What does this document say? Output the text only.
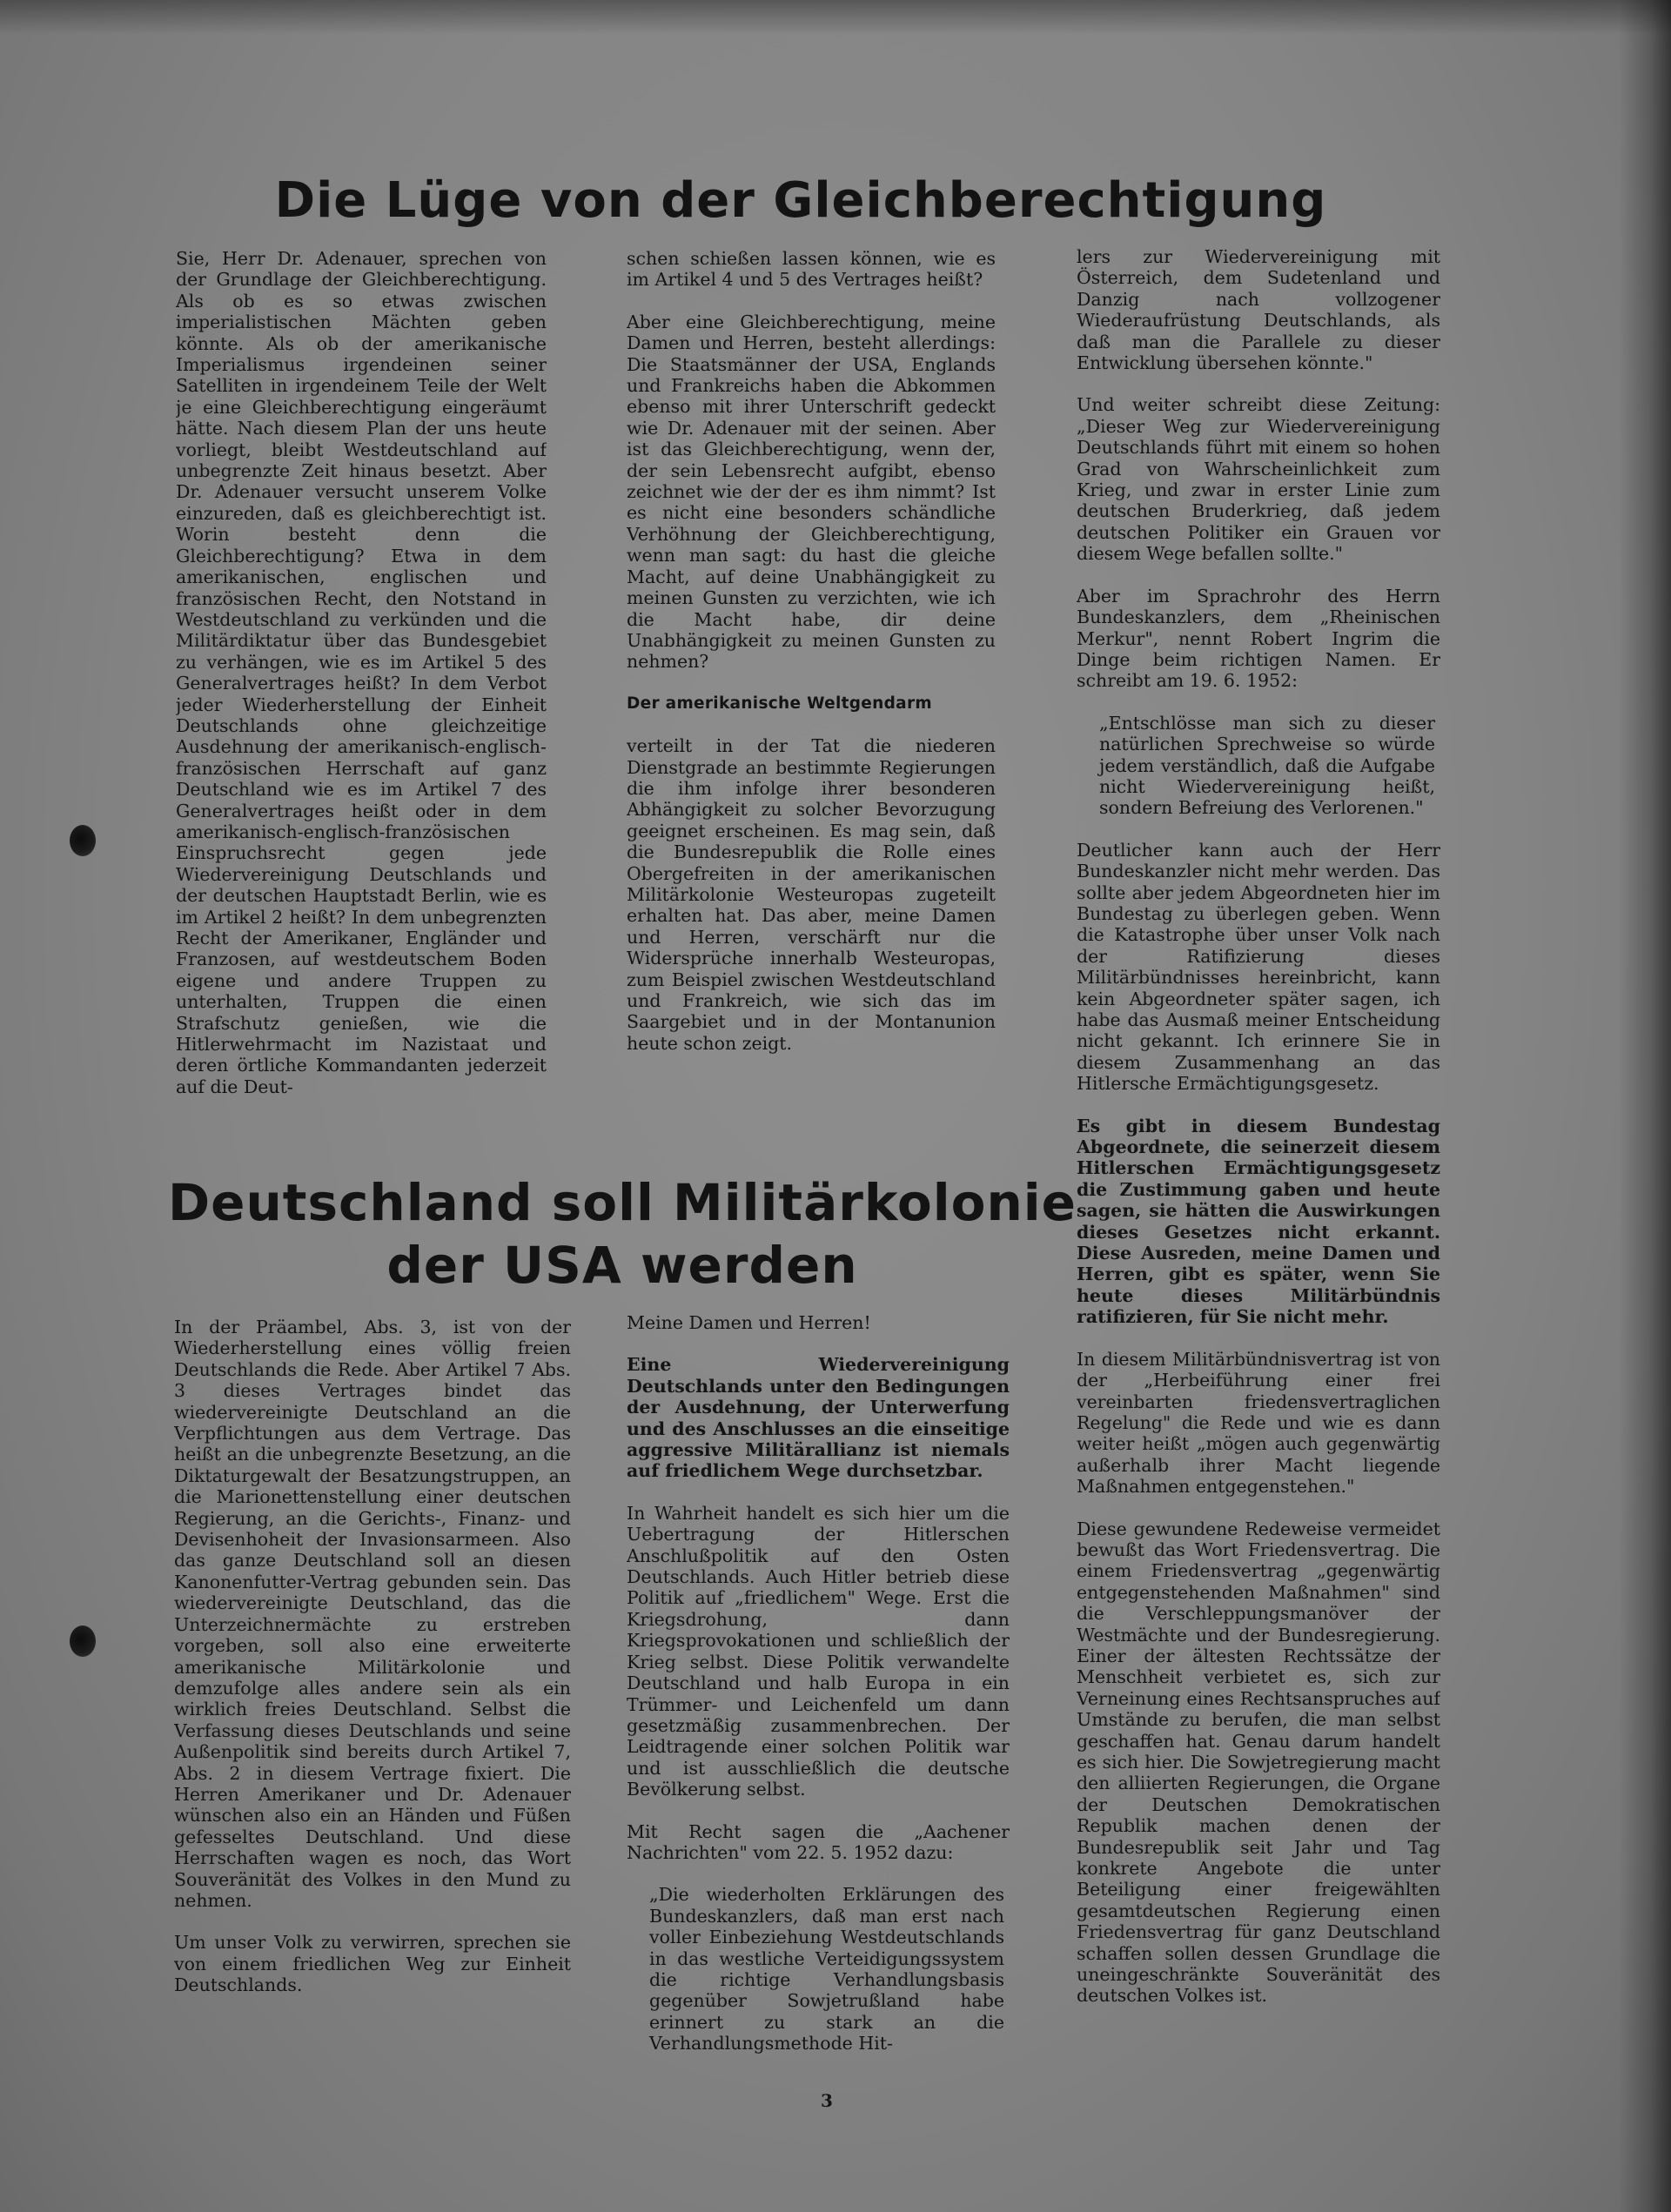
Die Lüge von der Gleichberechtigung

Sie, Herr Dr. Adenauer, sprechen von der Grundlage der Gleichberechtigung. Als ob es so etwas zwischen imperialistischen Mächten geben könnte. Als ob der amerikanische Imperialismus irgendeinen seiner Satelliten in irgendeinem Teile der Welt je eine Gleichberechtigung eingeräumt hätte. Nach diesem Plan der uns heute vorliegt, bleibt Westdeutschland auf unbegrenzte Zeit hinaus besetzt. Aber Dr. Adenauer versucht unserem Volke einzureden, daß es gleichberechtigt ist. Worin besteht denn die Gleichberechtigung? Etwa in dem amerikanischen, englischen und französischen Recht, den Notstand in Westdeutschland zu verkünden und die Militärdiktatur über das Bundesgebiet zu verhängen, wie es im Artikel 5 des Generalvertrages heißt? In dem Verbot jeder Wiederherstellung der Einheit Deutschlands ohne gleichzeitige Ausdehnung der amerikanisch-englisch-französischen Herrschaft auf ganz Deutschland wie es im Artikel 7 des Generalvertrages heißt oder in dem amerikanisch-englisch-französischen Einspruchsrecht gegen jede Wiedervereinigung Deutschlands und der deutschen Hauptstadt Berlin, wie es im Artikel 2 heißt? In dem unbegrenzten Recht der Amerikaner, Engländer und Franzosen, auf westdeutschem Boden eigene und andere Truppen zu unterhalten, Truppen die einen Strafschutz genießen, wie die Hitlerwehrmacht im Nazistaat und deren örtliche Kommandanten jederzeit auf die Deut-

schen schießen lassen können, wie es im Artikel 4 und 5 des Vertrages heißt?

Aber eine Gleichberechtigung, meine Damen und Herren, besteht allerdings: Die Staatsmänner der USA, Englands und Frankreichs haben die Abkommen ebenso mit ihrer Unterschrift gedeckt wie Dr. Adenauer mit der seinen. Aber ist das Gleichberechtigung, wenn der, der sein Lebensrecht aufgibt, ebenso zeichnet wie der der es ihm nimmt? Ist es nicht eine besonders schändliche Verhöhnung der Gleichberechtigung, wenn man sagt: du hast die gleiche Macht, auf deine Unabhängigkeit zu meinen Gunsten zu verzichten, wie ich die Macht habe, dir deine Unabhängigkeit zu meinen Gunsten zu nehmen?

Der amerikanische Weltgendarm

verteilt in der Tat die niederen Dienstgrade an bestimmte Regierungen die ihm infolge ihrer besonderen Abhängigkeit zu solcher Bevorzugung geeignet erscheinen. Es mag sein, daß die Bundesrepublik die Rolle eines Obergefreiten in der amerikanischen Militärkolonie Westeuropas zugeteilt erhalten hat. Das aber, meine Damen und Herren, verschärft nur die Widersprüche innerhalb Westeuropas, zum Beispiel zwischen Westdeutschland und Frankreich, wie sich das im Saargebiet und in der Montanunion heute schon zeigt.

lers zur Wiedervereinigung mit Österreich, dem Sudetenland und Danzig nach vollzogener Wiederaufrüstung Deutschlands, als daß man die Parallele zu dieser Entwicklung übersehen könnte."

Und weiter schreibt diese Zeitung: „Dieser Weg zur Wiedervereinigung Deutschlands führt mit einem so hohen Grad von Wahrscheinlichkeit zum Krieg, und zwar in erster Linie zum deutschen Bruderkrieg, daß jedem deutschen Politiker ein Grauen vor diesem Wege befallen sollte."

Aber im Sprachrohr des Herrn Bundeskanzlers, dem „Rheinischen Merkur", nennt Robert Ingrim die Dinge beim richtigen Namen. Er schreibt am 19. 6. 1952:

„Entschlösse man sich zu dieser natürlichen Sprechweise so würde jedem verständlich, daß die Aufgabe nicht Wiedervereinigung heißt, sondern Befreiung des Verlorenen."

Deutlicher kann auch der Herr Bundeskanzler nicht mehr werden. Das sollte aber jedem Abgeordneten hier im Bundestag zu überlegen geben. Wenn die Katastrophe über unser Volk nach der Ratifizierung dieses Militärbündnisses hereinbricht, kann kein Abgeordneter später sagen, ich habe das Ausmaß meiner Entscheidung nicht gekannt. Ich erinnere Sie in diesem Zusammenhang an das Hitlersche Ermächtigungsgesetz.

Es gibt in diesem Bundestag Abgeordnete, die seinerzeit diesem Hitlerschen Ermächtigungsgesetz die Zustimmung gaben und heute sagen, sie hätten die Auswirkungen dieses Gesetzes nicht erkannt. Diese Ausreden, meine Damen und Herren, gibt es später, wenn Sie heute dieses Militärbündnis ratifizieren, für Sie nicht mehr.

In diesem Militärbündnisvertrag ist von der „Herbeiführung einer frei vereinbarten friedensvertraglichen Regelung" die Rede und wie es dann weiter heißt „mögen auch gegenwärtig außerhalb ihrer Macht liegende Maßnahmen entgegenstehen."

Diese gewundene Redeweise vermeidet bewußt das Wort Friedensvertrag. Die einem Friedensvertrag „gegenwärtig entgegenstehenden Maßnahmen" sind die Verschleppungsmanöver der Westmächte und der Bundesregierung. Einer der ältesten Rechtssätze der Menschheit verbietet es, sich zur Verneinung eines Rechtsanspruches auf Umstände zu berufen, die man selbst geschaffen hat. Genau darum handelt es sich hier. Die Sowjetregierung macht den alliierten Regierungen, die Organe der Deutschen Demokratischen Republik machen denen der Bundesrepublik seit Jahr und Tag konkrete Angebote die unter Beteiligung einer freigewählten gesamtdeutschen Regierung einen Friedensvertrag für ganz Deutschland schaffen sollen dessen Grundlage die uneingeschränkte Souveränität des deutschen Volkes ist.

Deutschland soll Militärkolonie
der USA werden

In der Präambel, Abs. 3, ist von der Wiederherstellung eines völlig freien Deutschlands die Rede. Aber Artikel 7 Abs. 3 dieses Vertrages bindet das wiedervereinigte Deutschland an die Verpflichtungen aus dem Vertrage. Das heißt an die unbegrenzte Besetzung, an die Diktaturgewalt der Besatzungstruppen, an die Marionettenstellung einer deutschen Regierung, an die Gerichts-, Finanz- und Devisenhoheit der Invasionsarmeen. Also das ganze Deutschland soll an diesen Kanonenfutter-Vertrag gebunden sein. Das wiedervereinigte Deutschland, das die Unterzeichnermächte zu erstreben vorgeben, soll also eine erweiterte amerikanische Militärkolonie und demzufolge alles andere sein als ein wirklich freies Deutschland. Selbst die Verfassung dieses Deutschlands und seine Außenpolitik sind bereits durch Artikel 7, Abs. 2 in diesem Vertrage fixiert. Die Herren Amerikaner und Dr. Adenauer wünschen also ein an Händen und Füßen gefesseltes Deutschland. Und diese Herrschaften wagen es noch, das Wort Souveränität des Volkes in den Mund zu nehmen.

Um unser Volk zu verwirren, sprechen sie von einem friedlichen Weg zur Einheit Deutschlands.

Meine Damen und Herren!

Eine Wiedervereinigung Deutschlands unter den Bedingungen der Ausdehnung, der Unterwerfung und des Anschlusses an die einseitige aggressive Militärallianz ist niemals auf friedlichem Wege durchsetzbar.

In Wahrheit handelt es sich hier um die Uebertragung der Hitlerschen Anschlußpolitik auf den Osten Deutschlands. Auch Hitler betrieb diese Politik auf „friedlichem" Wege. Erst die Kriegsdrohung, dann Kriegsprovokationen und schließlich der Krieg selbst. Diese Politik verwandelte Deutschland und halb Europa in ein Trümmer- und Leichenfeld um dann gesetzmäßig zusammenbrechen. Der Leidtragende einer solchen Politik war und ist ausschließlich die deutsche Bevölkerung selbst.

Mit Recht sagen die „Aachener Nachrichten" vom 22. 5. 1952 dazu:

„Die wiederholten Erklärungen des Bundeskanzlers, daß man erst nach voller Einbeziehung Westdeutschlands in das westliche Verteidigungssystem die richtige Verhandlungsbasis gegenüber Sowjetrußland habe erinnert zu stark an die Verhandlungsmethode Hit-

3
